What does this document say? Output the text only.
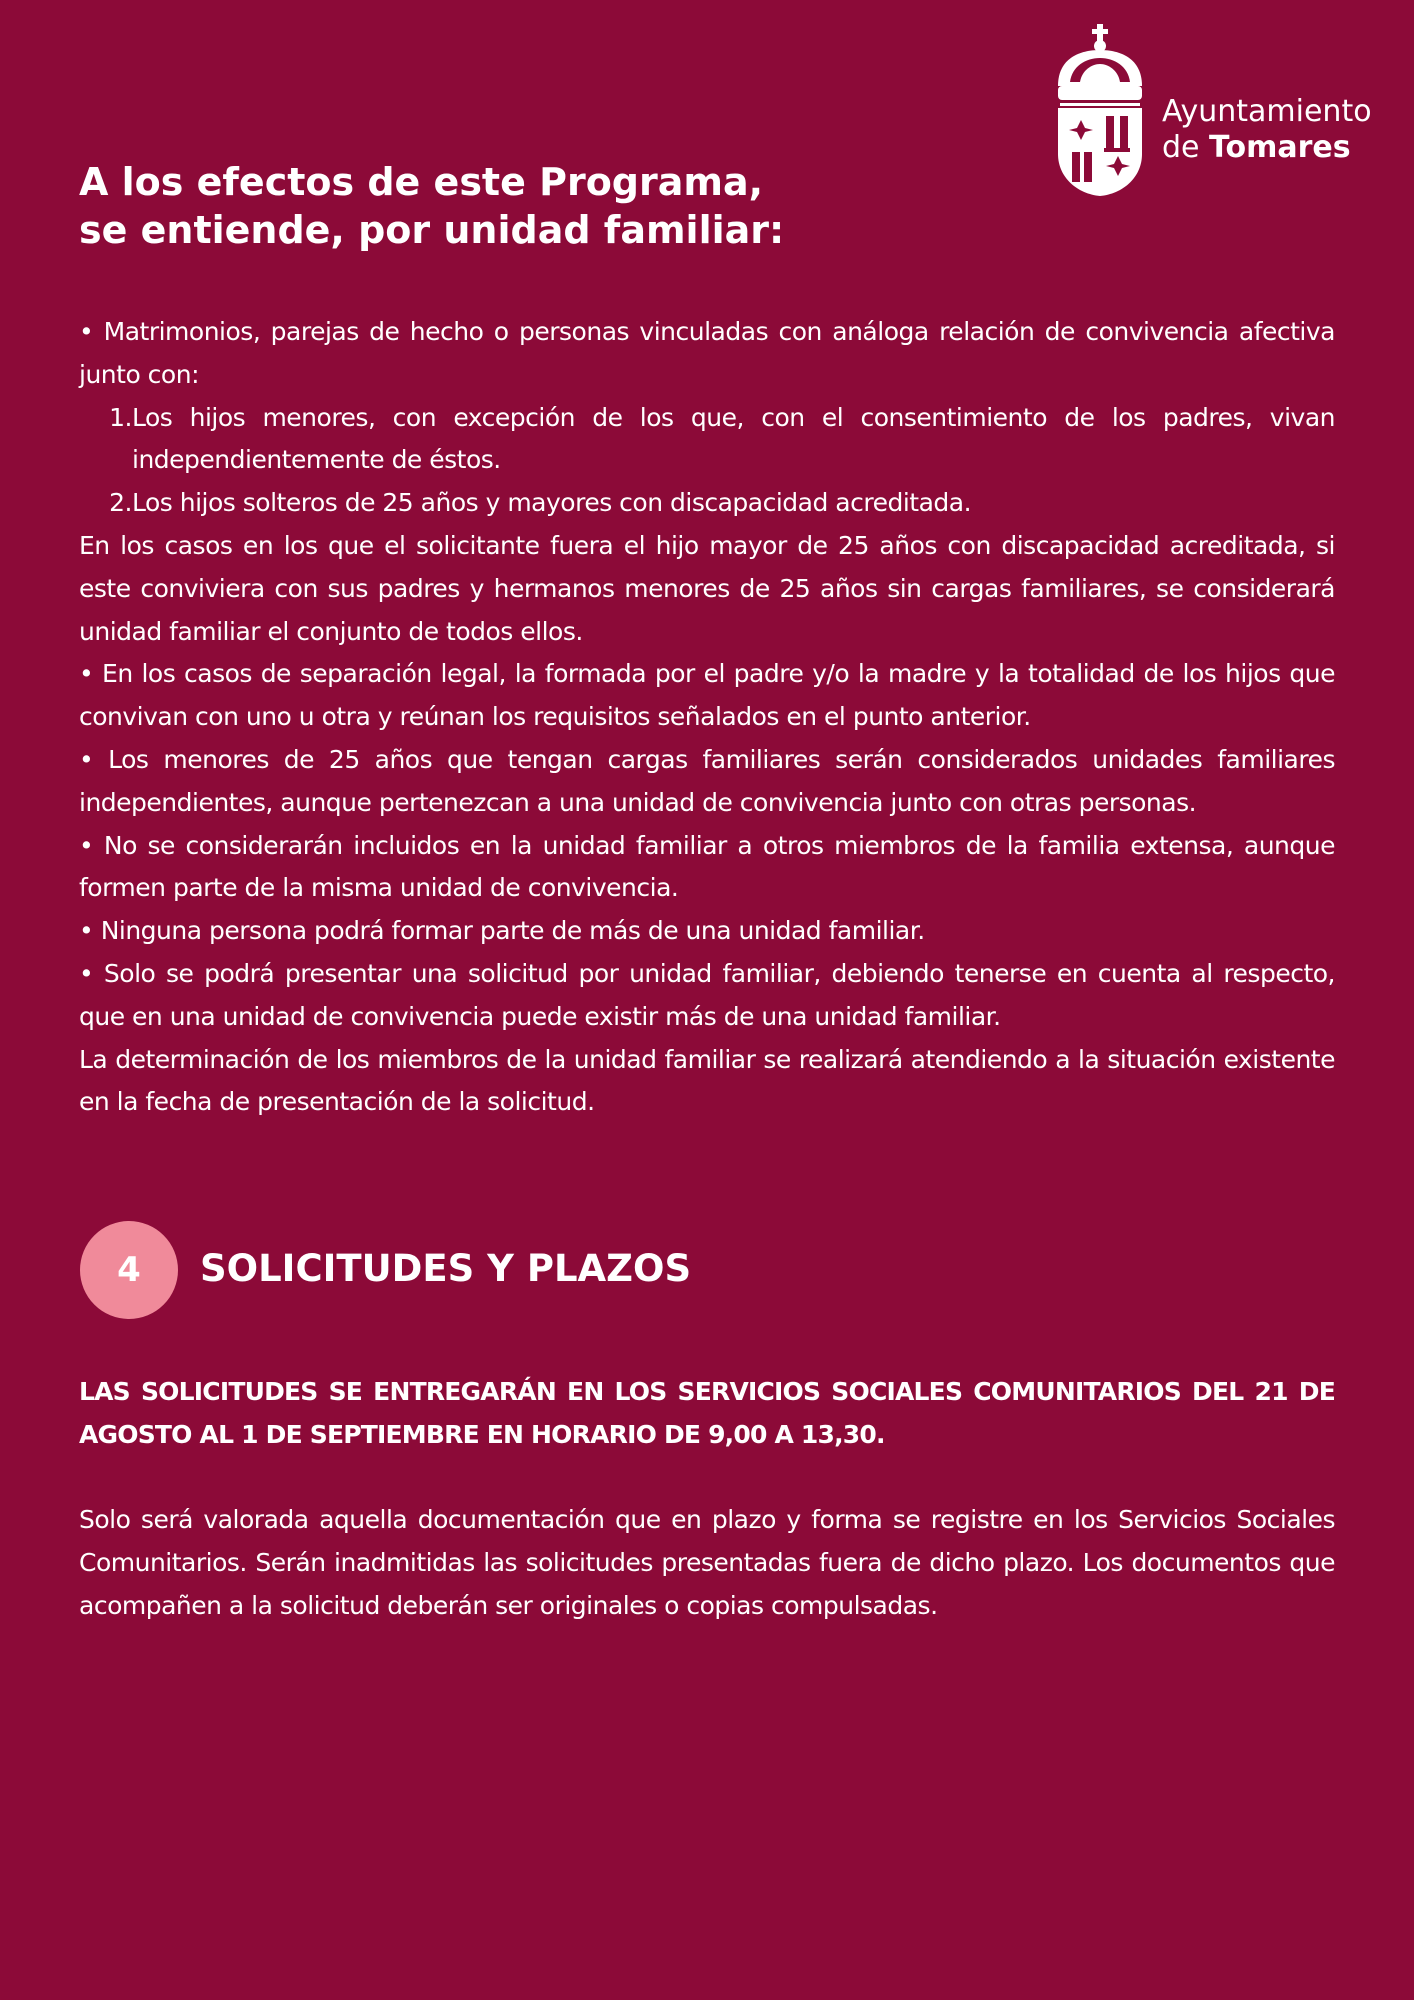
Ayuntamiento
de Tomares
A los efectos de este Programa, se entiende, por unidad familiar:

• Matrimonios, parejas de hecho o personas vinculadas con análoga relación de convivencia afectiva junto con:

1. Los hijos menores, con excepción de los que, con el consentimiento de los padres, vivan independientemente de éstos.
2. Los hijos solteros de 25 años y mayores con discapacidad acreditada.

En los casos en los que el solicitante fuera el hijo mayor de 25 años con discapacidad acreditada, si este conviviera con sus padres y hermanos menores de 25 años sin cargas familiares, se considerará unidad familiar el conjunto de todos ellos.

• En los casos de separación legal, la formada por el padre y/o la madre y la totalidad de los hijos que convivan con uno u otra y reúnan los requisitos señalados en el punto anterior.

• Los menores de 25 años que tengan cargas familiares serán considerados unidades familiares independientes, aunque pertenezcan a una unidad de convivencia junto con otras personas.

• No se considerarán incluidos en la unidad familiar a otros miembros de la familia extensa, aunque formen parte de la misma unidad de convivencia.

• Ninguna persona podrá formar parte de más de una unidad familiar.

• Solo se podrá presentar una solicitud por unidad familiar, debiendo tenerse en cuenta al respecto, que en una unidad de convivencia puede existir más de una unidad familiar.

La determinación de los miembros de la unidad familiar se realizará atendiendo a la situación existente en la fecha de presentación de la solicitud.

4	SOLICITUDES Y PLAZOS

LAS SOLICITUDES SE ENTREGARÁN EN LOS SERVICIOS SOCIALES COMUNITARIOS DEL 21 DE AGOSTO AL 1 DE SEPTIEMBRE EN HORARIO DE 9,00 A 13,30.

Solo será valorada aquella documentación que en plazo y forma se registre en los Servicios Sociales Comunitarios. Serán inadmitidas las solicitudes presentadas fuera de dicho plazo. Los documentos que acompañen a la solicitud deberán ser originales o copias compulsadas.
